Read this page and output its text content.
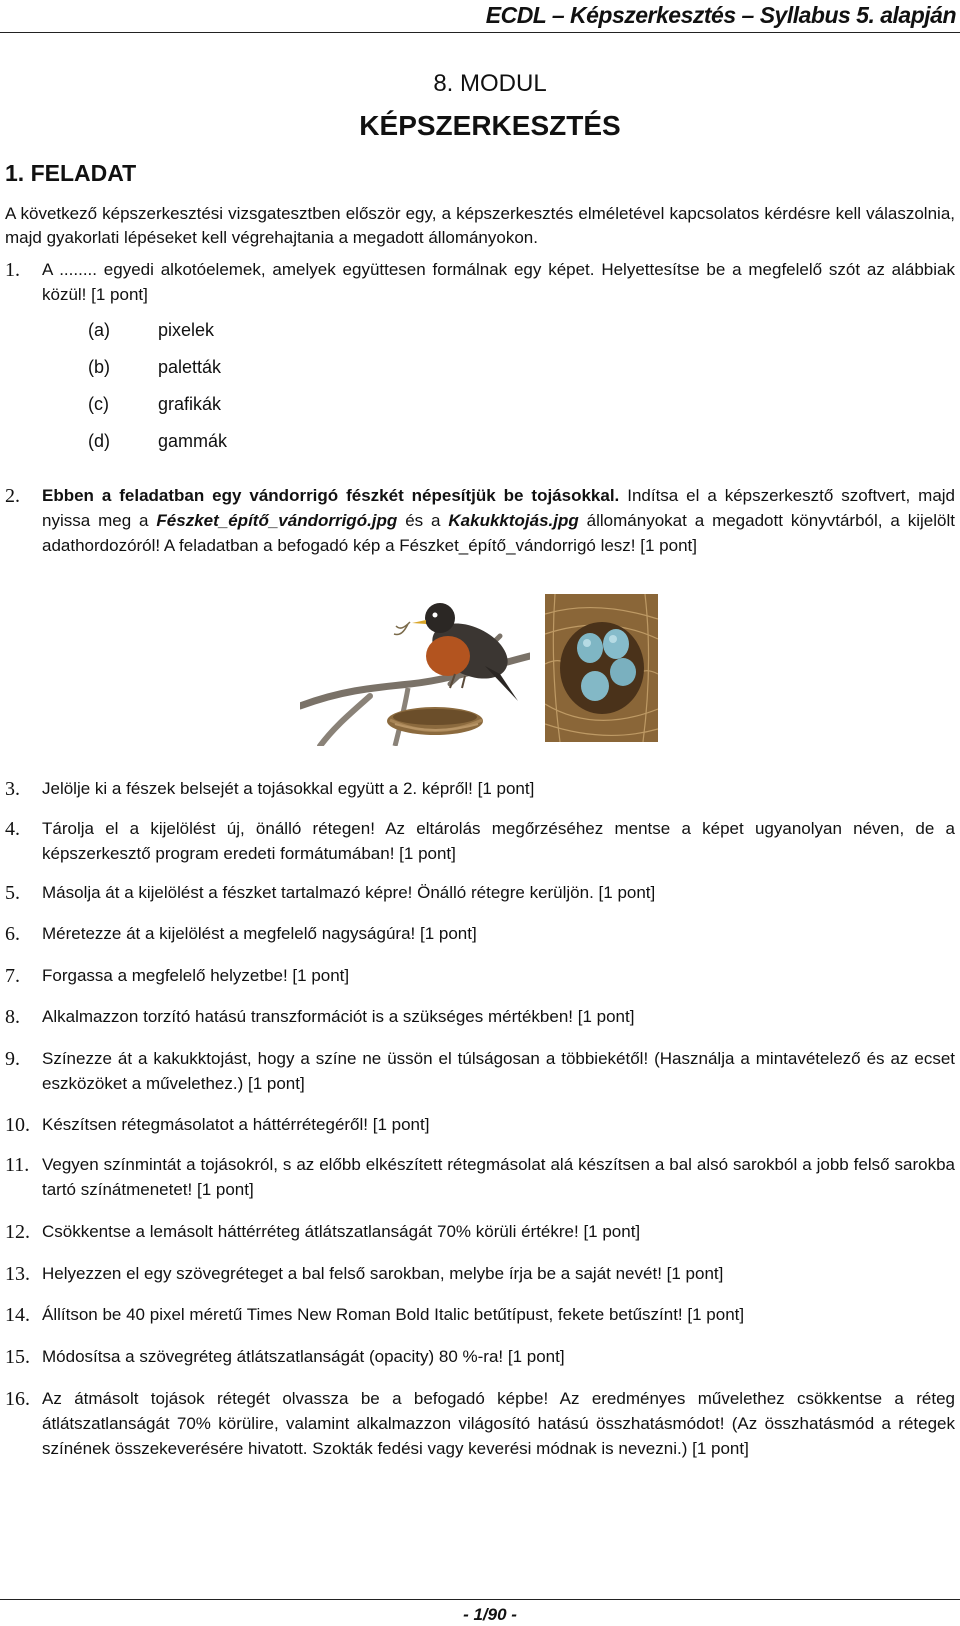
ECDL – Képszerkesztés – Syllabus 5. alapján
8. MODUL
KÉPSZERKESZTÉS
1. FELADAT
A következő képszerkesztési vizsgatesztben először egy, a képszerkesztés elméletével kapcsolatos kérdésre kell válaszolnia, majd gyakorlati lépéseket kell végrehajtania a megadott állományokon.
1.	A ........ egyedi alkotóelemek, amelyek együttesen formálnak egy képet. Helyettesítse be a megfelelő szót az alábbiak közül! [1 pont]
(a)	pixelek
(b)	paletták
(c)	grafikák
(d)	gammák
2.	Ebben a feladatban egy vándorrigó fészkét népesítjük be tojásokkal. Indítsa el a képszerkesztő szoftvert, majd nyissa meg a Fészket_építő_vándorrigó.jpg és a Kakukktojás.jpg állományokat a megadott könyvtárból, a kijelölt adathordozóról! A feladatban a befogadó kép a Fészket_építő_vándorrigó lesz! [1 pont]
3.	Jelölje ki a fészek belsejét a tojásokkal együtt a 2. képről! [1 pont]
4.	Tárolja el a kijelölést új, önálló rétegen! Az eltárolás megőrzéséhez mentse a képet ugyanolyan néven, de a képszerkesztő program eredeti formátumában! [1 pont]
5.	Másolja át a kijelölést a fészket tartalmazó képre! Önálló rétegre kerüljön. [1 pont]
6.	Méretezze át a kijelölést a megfelelő nagyságúra! [1 pont]
7.	Forgassa a megfelelő helyzetbe! [1 pont]
8.	Alkalmazzon torzító hatású transzformációt is a szükséges mértékben! [1 pont]
9.	Színezze át a kakukktojást, hogy a színe ne üssön el túlságosan a többiekétől! (Használja a mintavételező és az ecset eszközöket a művelethez.) [1 pont]
10. Készítsen rétegmásolatot a háttérrétegéről! [1 pont]
11. Vegyen színmintát a tojásokról, s az előbb elkészített rétegmásolat alá készítsen a bal alsó sarokból a jobb felső sarokba tartó színátmenetet! [1 pont]
12. Csökkentse a lemásolt háttérréteg átlátszatlanságát 70% körüli értékre! [1 pont]
13. Helyezzen el egy szövegréteget a bal felső sarokban, melybe írja be a saját nevét! [1 pont]
14. Állítson be 40 pixel méretű Times New Roman Bold Italic betűtípust, fekete betűszínt! [1 pont]
15. Módosítsa a szövegréteg átlátszatlanságát (opacity) 80 %-ra! [1 pont]
16. Az átmásolt tojások rétegét olvassza be a befogadó képbe! Az eredményes művelethez csökkentse a réteg átlátszatlanságát 70% körülire, valamint alkalmazzon világosító hatású összhatásmódot! (Az összhatásmód a rétegek színének összekeverésére hivatott. Szokták fedési vagy keverési módnak is nevezni.) [1 pont]
- 1/90 -
